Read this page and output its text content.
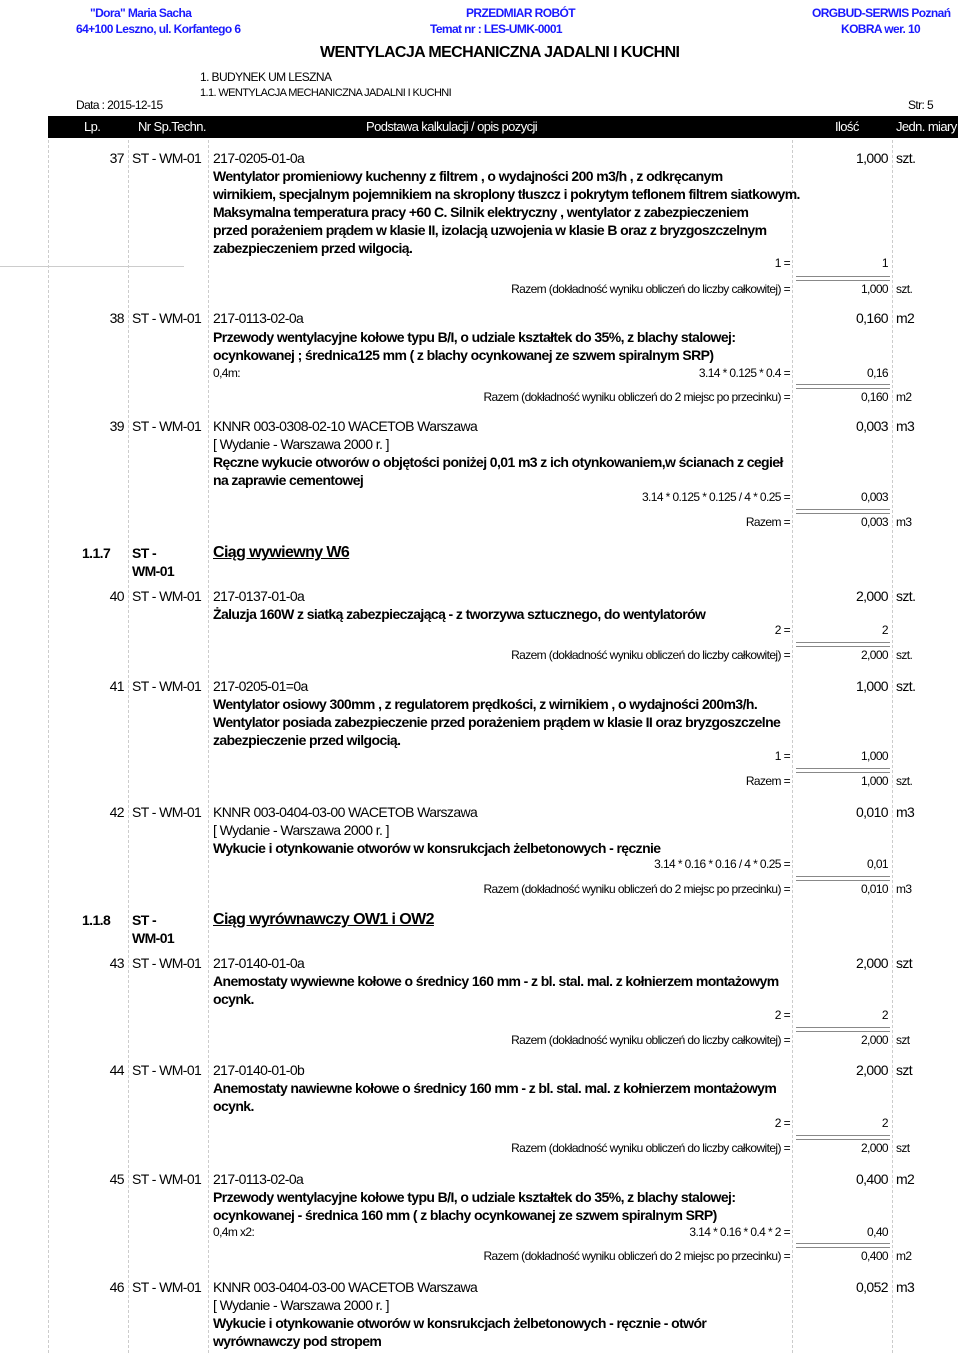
"Dora" Maria Sacha
64+100 Leszno, ul. Korfantego 6
PRZEDMIAR ROBÓT
Temat nr : LES-UMK-0001
ORGBUD-SERWIS Poznań
KOBRA wer. 10
WENTYLACJA MECHANICZNA JADALNI I KUCHNI
1. BUDYNEK UM LESZNA
1.1. WENTYLACJA MECHANICZNA JADALNI I KUCHNI
Data : 2015-12-15	Str: 5
Lp.	Nr Sp.Techn.	Podstawa kalkulacji / opis pozycji	Ilość	Jedn. miary
37 ST - WM-01 217-0205-01-0a	1,000 szt.
Wentylator promieniowy kuchenny z filtrem , o wydajności 200 m3/h , z odkręcanym
wirnikiem, specjalnym pojemnikiem na skroplony tłuszcz i pokrytym teflonem filtrem siatkowym.
Maksymalna temperatura pracy +60 C. Silnik elektryczny , wentylator z zabezpieczeniem
przed porażeniem prądem w klasie II, izolacją uzwojenia w klasie B oraz z bryzgoszczelnym
zabezpieczeniem przed wilgocią.
1 =	1
Razem (dokładność wyniku obliczeń do liczby całkowitej) =	1,000 szt.
38 ST - WM-01 217-0113-02-0a	0,160 m2
Przewody wentylacyjne kołowe typu B/I, o udziale kształtek do 35%, z blachy stalowej:
ocynkowanej ; średnica125 mm ( z blachy ocynkowanej ze szwem spiralnym SRP)
0,4m:	3.14 * 0.125 * 0.4 =	0,16
Razem (dokładność wyniku obliczeń do 2 miejsc po przecinku) =	0,160 m2
39 ST - WM-01 KNNR 003-0308-02-10 WACETOB Warszawa	0,003 m3
[ Wydanie - Warszawa 2000 r. ]
Ręczne wykucie otworów o objętości poniżej 0,01 m3 z ich otynkowaniem,w ścianach z cegieł
na zaprawie cementowej
3.14 * 0.125 * 0.125 / 4 * 0.25 =	0,003
Razem =	0,003 m3
1.1.7 ST -
WM-01
Ciąg wywiewny W6
40 ST - WM-01 217-0137-01-0a	2,000 szt.
Żaluzja 160W z siatką zabezpieczającą - z tworzywa sztucznego, do wentylatorów
2 =	2
Razem (dokładność wyniku obliczeń do liczby całkowitej) =	2,000 szt.
41 ST - WM-01 217-0205-01=0a	1,000 szt.
Wentylator osiowy 300mm , z regulatorem prędkości, z wirnikiem , o wydajności 200m3/h.
Wentylator posiada zabezpieczenie przed porażeniem prądem w klasie II oraz bryzgoszczelne
zabezpieczenie przed wilgocią.
1 =	1,000
Razem =	1,000 szt.
42 ST - WM-01 KNNR 003-0404-03-00 WACETOB Warszawa	0,010 m3
[ Wydanie - Warszawa 2000 r. ]
Wykucie i otynkowanie otworów w konsrukcjach żelbetonowych - ręcznie
3.14 * 0.16 * 0.16 / 4 * 0.25 =	0,01
Razem (dokładność wyniku obliczeń do 2 miejsc po przecinku) =	0,010 m3
1.1.8 ST -
WM-01
Ciąg wyrównawczy OW1 i OW2
43 ST - WM-01 217-0140-01-0a	2,000 szt
Anemostaty wywiewne kołowe o średnicy 160 mm - z bl. stal. mal. z kołnierzem montażowym
ocynk.
2 =	2
Razem (dokładność wyniku obliczeń do liczby całkowitej) =	2,000 szt
44 ST - WM-01 217-0140-01-0b	2,000 szt
Anemostaty nawiewne kołowe o średnicy 160 mm - z bl. stal. mal. z kołnierzem montażowym
ocynk.
2 =	2
Razem (dokładność wyniku obliczeń do liczby całkowitej) =	2,000 szt
45 ST - WM-01 217-0113-02-0a	0,400 m2
Przewody wentylacyjne kołowe typu B/I, o udziale kształtek do 35%, z blachy stalowej:
ocynkowanej - średnica 160 mm ( z blachy ocynkowanej ze szwem spiralnym SRP)
0,4m x2:	3.14 * 0.16 * 0.4 * 2 =	0,40
Razem (dokładność wyniku obliczeń do 2 miejsc po przecinku) =	0,400 m2
46 ST - WM-01 KNNR 003-0404-03-00 WACETOB Warszawa	0,052 m3
[ Wydanie - Warszawa 2000 r. ]
Wykucie i otynkowanie otworów w konsrukcjach żelbetonowych - ręcznie - otwór
wyrównawczy pod stropem
